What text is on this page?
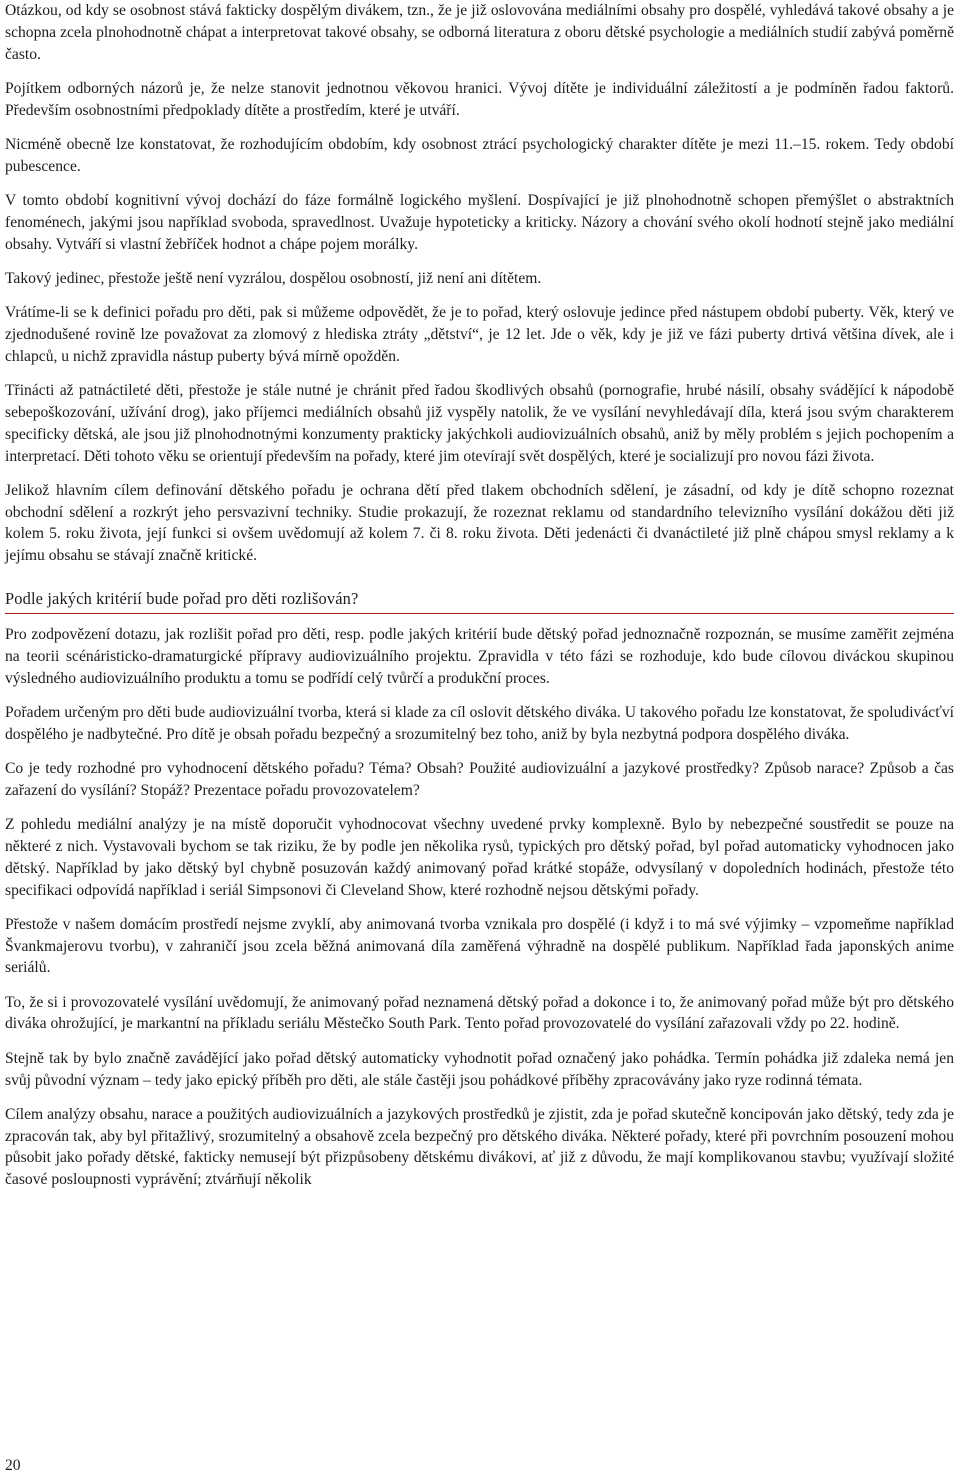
Otázkou, od kdy se osobnost stává fakticky dospělým divákem, tzn., že je již oslovována mediálními obsahy pro dospělé, vyhledává takové obsahy a je schopna zcela plnohodnotně chápat a interpretovat takové obsahy, se odborná literatura z oboru dětské psychologie a mediálních studií zabývá poměrně často.

Pojítkem odborných názorů je, že nelze stanovit jednotnou věkovou hranici. Vývoj dítěte je individuální záležitostí a je podmíněn řadou faktorů. Především osobnostními předpoklady dítěte a prostředím, které je utváří.

Nicméně obecně lze konstatovat, že rozhodujícím obdobím, kdy osobnost ztrácí psychologický charakter dítěte je mezi 11.–15. rokem. Tedy období pubescence.

V tomto období kognitivní vývoj dochází do fáze formálně logického myšlení. Dospívající je již plnohodnotně schopen přemýšlet o abstraktních fenoménech, jakými jsou například svoboda, spravedlnost. Uvažuje hypoteticky a kriticky. Názory a chování svého okolí hodnotí stejně jako mediální obsahy. Vytváří si vlastní žebříček hodnot a chápe pojem morálky.

Takový jedinec, přestože ještě není vyzrálou, dospělou osobností, již není ani dítětem.

Vrátíme-li se k definici pořadu pro děti, pak si můžeme odpovědět, že je to pořad, který oslovuje jedince před nástupem období puberty. Věk, který ve zjednodušené rovině lze považovat za zlomový z hlediska ztráty „dětství“, je 12 let. Jde o věk, kdy je již ve fázi puberty drtivá většina dívek, ale i chlapců, u nichž zpravidla nástup puberty bývá mírně opožděn.

Třinácti až patnáctileté děti, přestože je stále nutné je chránit před řadou škodlivých obsahů (pornografie, hrubé násilí, obsahy svádějící k nápodobě sebepoškozování, užívání drog), jako příjemci mediálních obsahů již vyspěly natolik, že ve vysílání nevyhledávají díla, která jsou svým charakterem specificky dětská, ale jsou již plnohodnotnými konzumenty prakticky jakýchkoli audiovizuálních obsahů, aniž by měly problém s jejich pochopením a interpretací. Děti tohoto věku se orientují především na pořady, které jim otevírají svět dospělých, které je socializují pro novou fázi života.

Jelikož hlavním cílem definování dětského pořadu je ochrana dětí před tlakem obchodních sdělení, je zásadní, od kdy je dítě schopno rozeznat obchodní sdělení a rozkrýt jeho persvazivní techniky. Studie prokazují, že rozeznat reklamu od standardního televizního vysílání dokážou děti již kolem 5. roku života, její funkci si ovšem uvědomují až kolem 7. či 8. roku života. Děti jedenácti či dvanáctileté již plně chápou smysl reklamy a k jejímu obsahu se stávají značně kritické.

Podle jakých kritérií bude pořad pro děti rozlišován?

Pro zodpovězení dotazu, jak rozlišit pořad pro děti, resp. podle jakých kritérií bude dětský pořad jednoznačně rozpoznán, se musíme zaměřit zejména na teorii scénáristicko-dramaturgické přípravy audiovizuálního projektu. Zpravidla v této fázi se rozhoduje, kdo bude cílovou diváckou skupinou výsledného audiovizuálního produktu a tomu se podřídí celý tvůrčí a produkční proces.

Pořadem určeným pro děti bude audiovizuální tvorba, která si klade za cíl oslovit dětského diváka. U takového pořadu lze konstatovat, že spoludivácťví dospělého je nadbytečné. Pro dítě je obsah pořadu bezpečný a srozumitelný bez toho, aniž by byla nezbytná podpora dospělého diváka.

Co je tedy rozhodné pro vyhodnocení dětského pořadu? Téma? Obsah? Použité audiovizuální a jazykové prostředky? Způsob narace? Způsob a čas zařazení do vysílání? Stopáž? Prezentace pořadu provozovatelem?

Z pohledu mediální analýzy je na místě doporučit vyhodnocovat všechny uvedené prvky komplexně. Bylo by nebezpečné soustředit se pouze na některé z nich. Vystavovali bychom se tak riziku, že by podle jen několika rysů, typických pro dětský pořad, byl pořad automaticky vyhodnocen jako dětský. Například by jako dětský byl chybně posuzován každý animovaný pořad krátké stopáže, odvysílaný v dopoledních hodinách, přestože této specifikaci odpovídá například i seriál Simpsonovi či Cleveland Show, které rozhodně nejsou dětskými pořady.

Přestože v našem domácím prostředí nejsme zvyklí, aby animovaná tvorba vznikala pro dospělé (i když i to má své výjimky – vzpomeňme například Švankmajerovu tvorbu), v zahraničí jsou zcela běžná animovaná díla zaměřená výhradně na dospělé publikum. Například řada japonských anime seriálů.

To, že si i provozovatelé vysílání uvědomují, že animovaný pořad neznamená dětský pořad a dokonce i to, že animovaný pořad může být pro dětského diváka ohrožující, je markantní na příkladu seriálu Městečko South Park. Tento pořad provozovatelé do vysílání zařazovali vždy po 22. hodině.

Stejně tak by bylo značně zavádějící jako pořad dětský automaticky vyhodnotit pořad označený jako pohádka. Termín pohádka již zdaleka nemá jen svůj původní význam – tedy jako epický příběh pro děti, ale stále častěji jsou pohádkové příběhy zpracovávány jako ryze rodinná témata.

Cílem analýzy obsahu, narace a použitých audiovizuálních a jazykových prostředků je zjistit, zda je pořad skutečně koncipován jako dětský, tedy zda je zpracován tak, aby byl přitažlivý, srozumitelný a obsahově zcela bezpečný pro dětského diváka. Některé pořady, které při povrchním posouzení mohou působit jako pořady dětské, fakticky nemusejí být přizpůsobeny dětskému divákovi, ať již z důvodu, že mají komplikovanou stavbu; využívají složité časové posloupnosti vyprávění; ztvárňují několik

20
